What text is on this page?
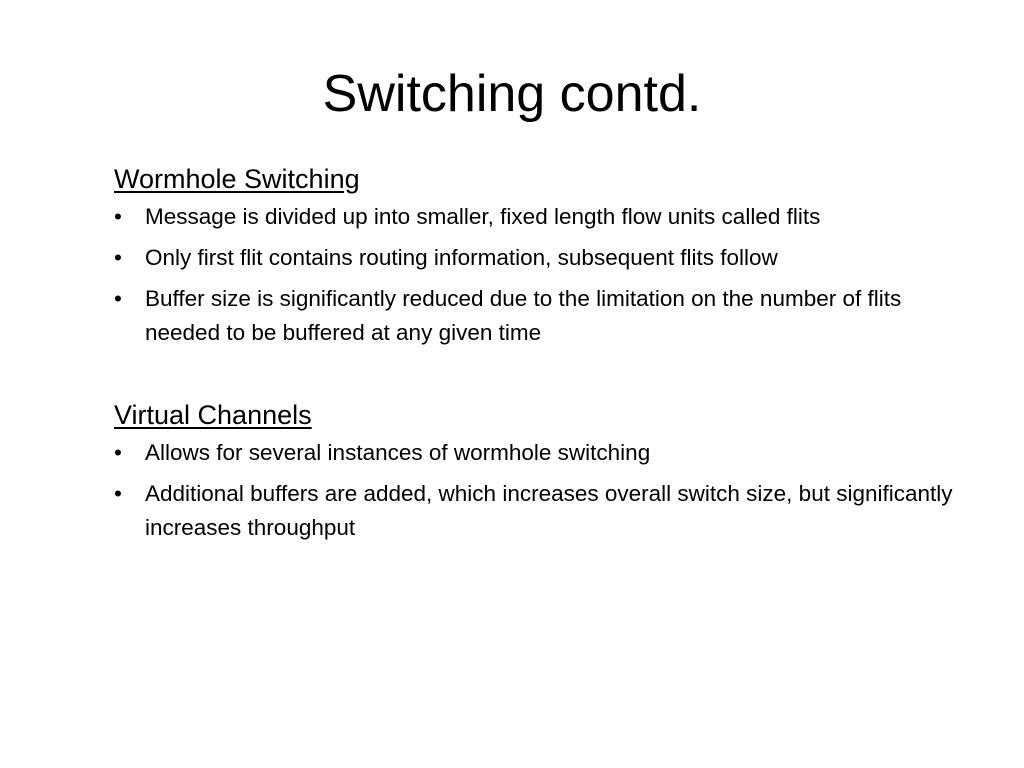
Switching contd.
Wormhole Switching
• Message is divided up into smaller, fixed length flow units called flits
• Only first flit contains routing information, subsequent flits follow
• Buffer size is significantly reduced due to the limitation on the number of flits needed to be buffered at any given time
Virtual Channels
• Allows for several instances of wormhole switching
• Additional buffers are added, which increases overall switch size, but significantly increases throughput
